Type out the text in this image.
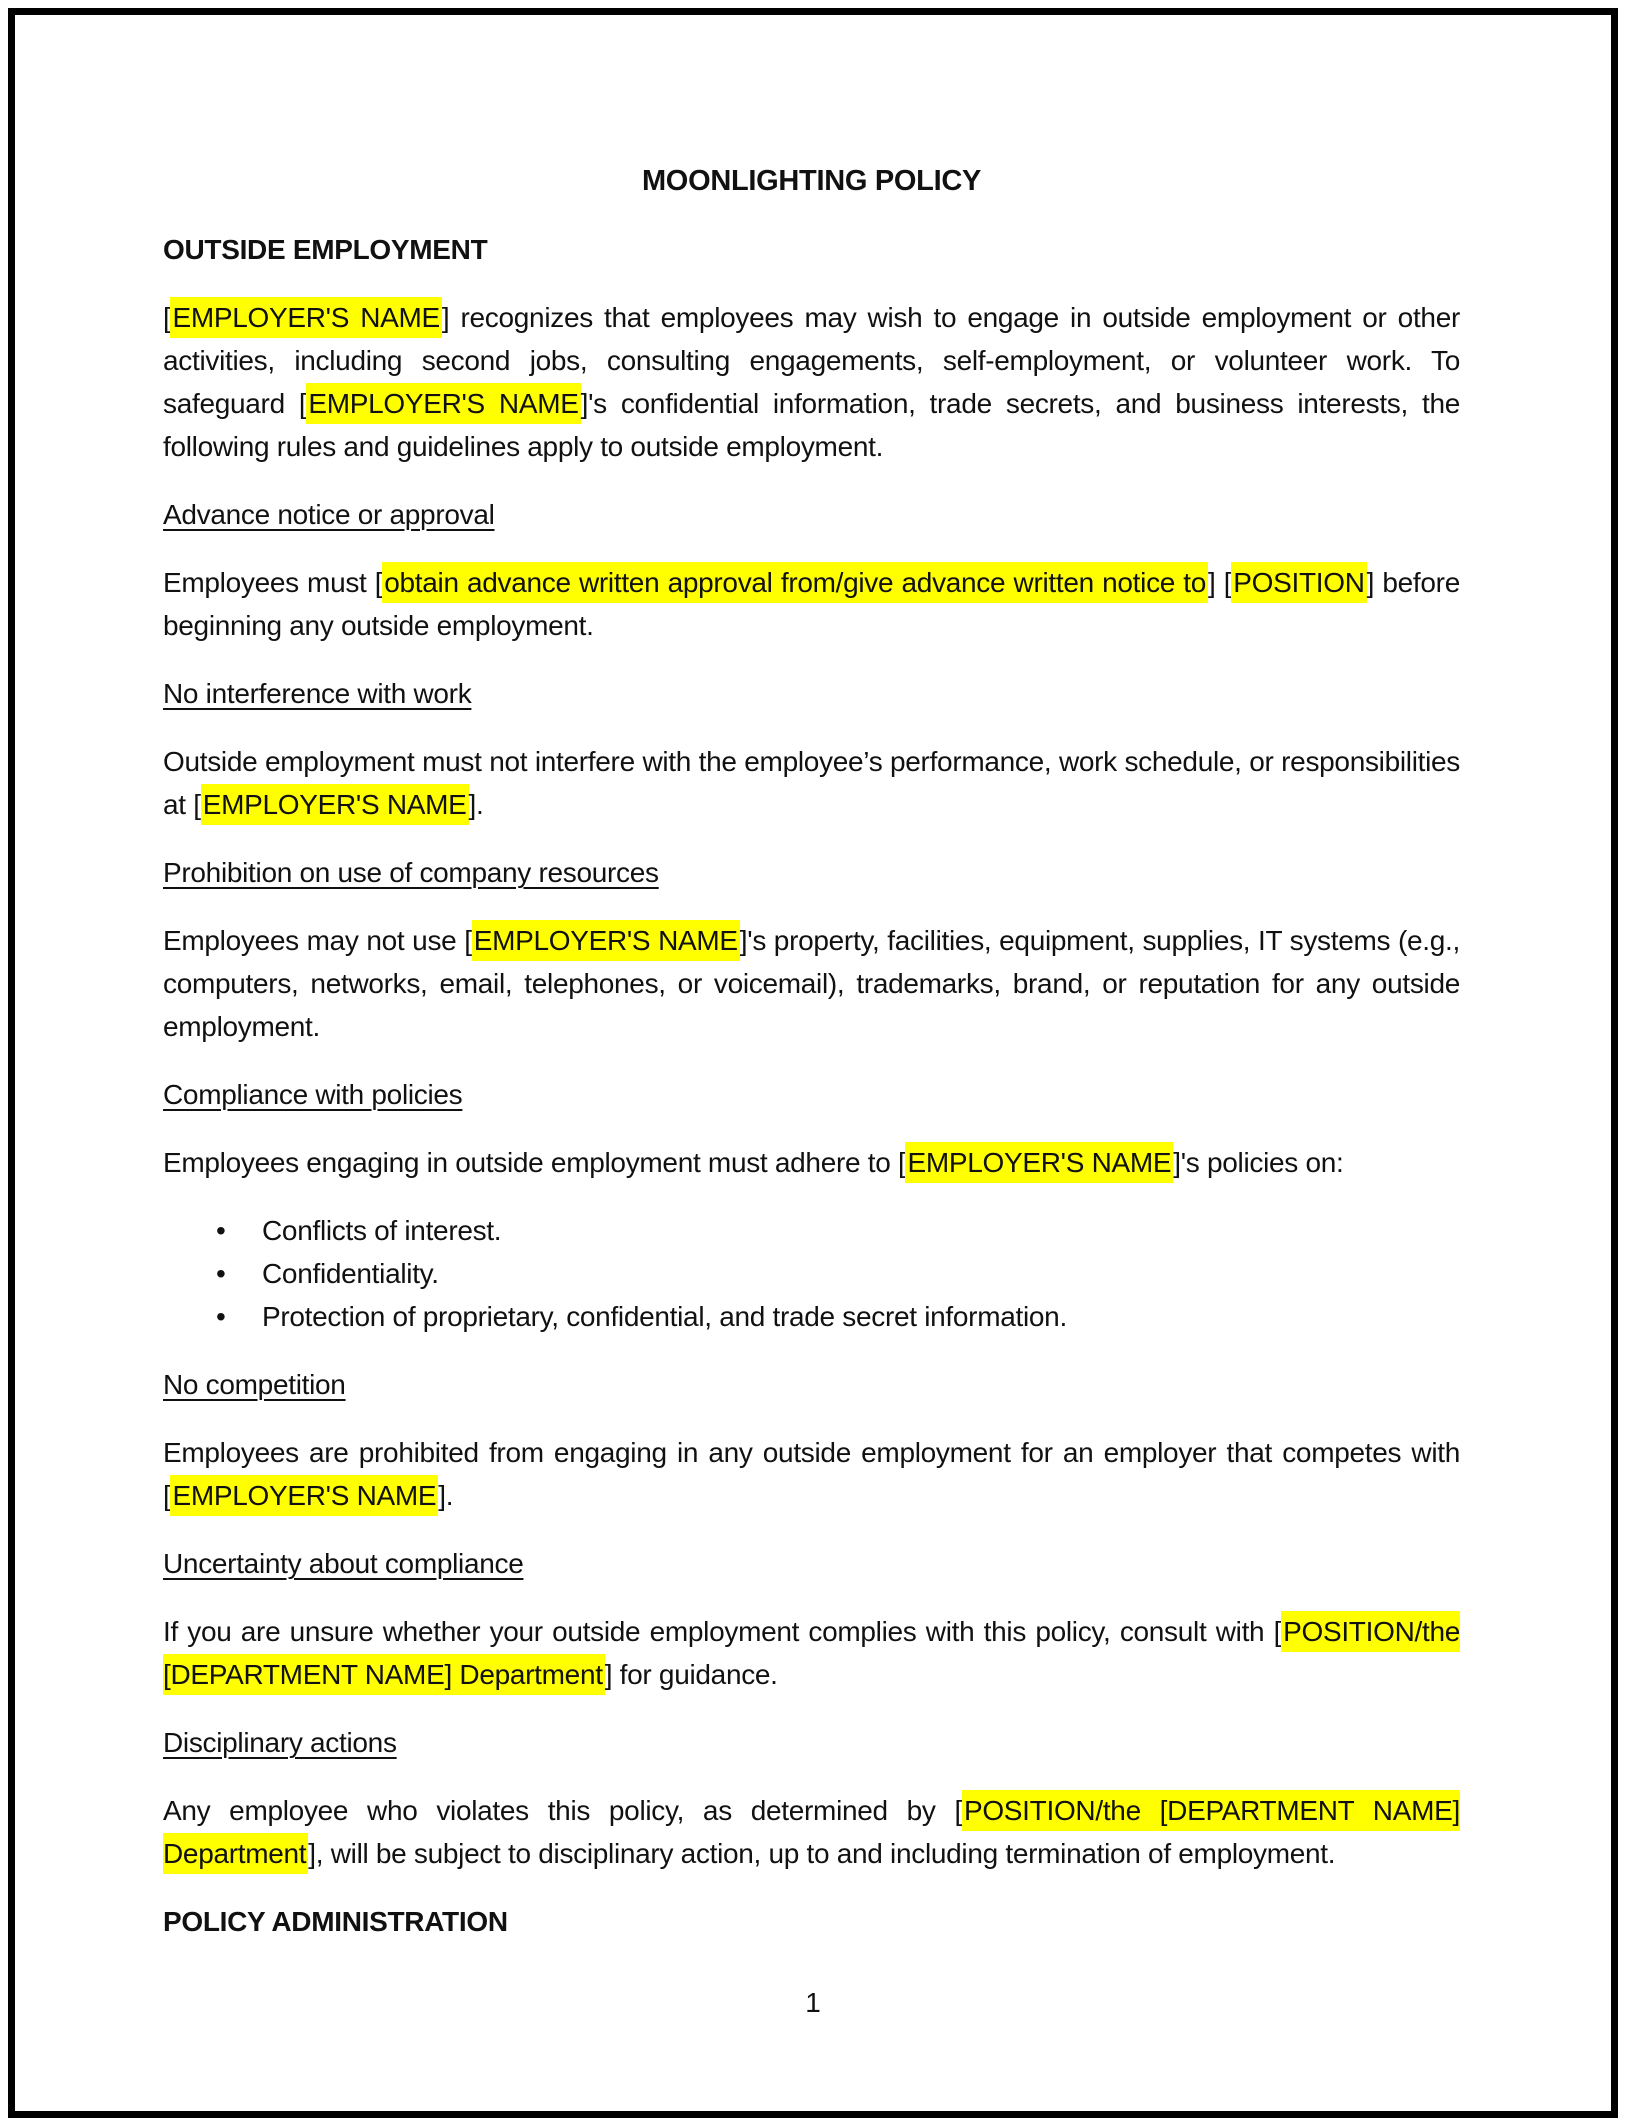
MOONLIGHTING POLICY
OUTSIDE EMPLOYMENT
[EMPLOYER'S NAME] recognizes that employees may wish to engage in outside employment or other activities, including second jobs, consulting engagements, self-employment, or volunteer work. To safeguard [EMPLOYER'S NAME]'s confidential information, trade secrets, and business interests, the following rules and guidelines apply to outside employment.
Advance notice or approval
Employees must [obtain advance written approval from/give advance written notice to] [POSITION] before beginning any outside employment.
No interference with work
Outside employment must not interfere with the employee’s performance, work schedule, or responsibilities at [EMPLOYER'S NAME].
Prohibition on use of company resources
Employees may not use [EMPLOYER'S NAME]'s property, facilities, equipment, supplies, IT systems (e.g., computers, networks, email, telephones, or voicemail), trademarks, brand, or reputation for any outside employment.
Compliance with policies
Employees engaging in outside employment must adhere to [EMPLOYER'S NAME]'s policies on:
•	Conflicts of interest.
•	Confidentiality.
•	Protection of proprietary, confidential, and trade secret information.
No competition
Employees are prohibited from engaging in any outside employment for an employer that competes with [EMPLOYER'S NAME].
Uncertainty about compliance
If you are unsure whether your outside employment complies with this policy, consult with [POSITION/the [DEPARTMENT NAME] Department] for guidance.
Disciplinary actions
Any employee who violates this policy, as determined by [POSITION/the [DEPARTMENT NAME] Department], will be subject to disciplinary action, up to and including termination of employment.
POLICY ADMINISTRATION
1
